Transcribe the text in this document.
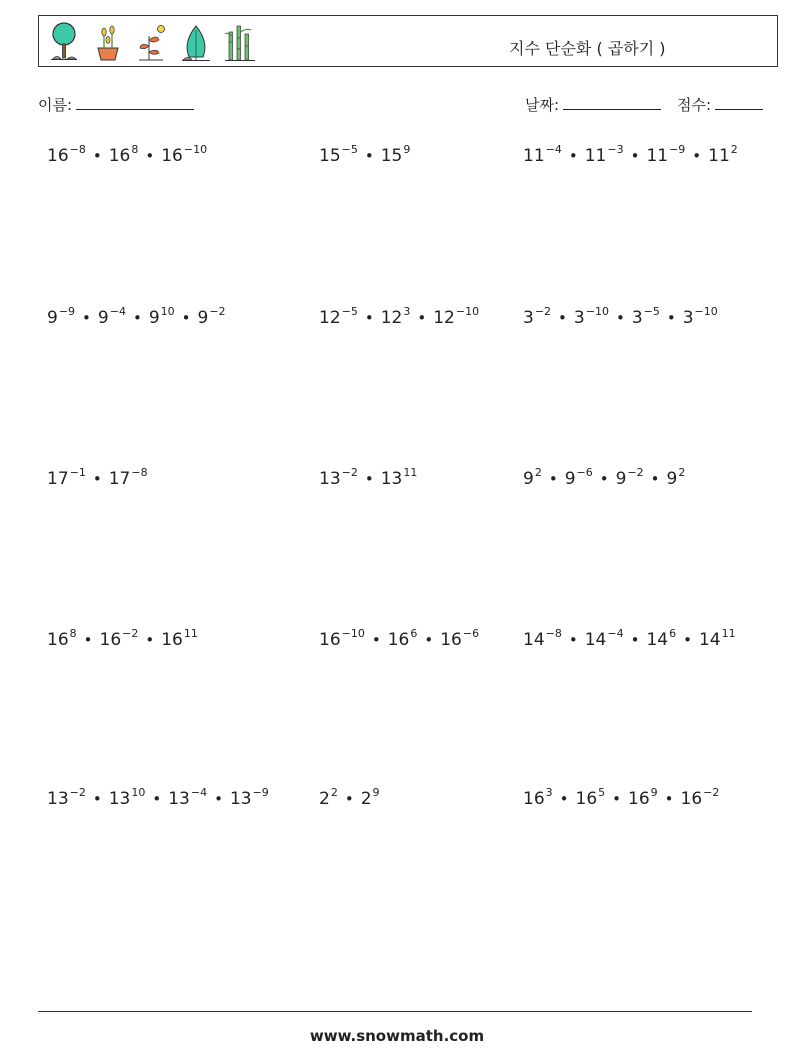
지수 단순화 ( 곱하기 )
이름:	날짜:	점수:
$16^{-8}$ • $16^8$ • $16^{-10}$	$15^{-5}$ • $15^9$	$11^{-4}$ • $11^{-3}$ • $11^{-9}$ • $11^2$
$9^{-9}$ • $9^{-4}$ • $9^{10}$ • $9^{-2}$	$12^{-5}$ • $12^3$ • $12^{-10}$	$3^{-2}$ • $3^{-10}$ • $3^{-5}$ • $3^{-10}$
$17^{-1}$ • $17^{-8}$	$13^{-2}$ • $13^{11}$	$9^2$ • $9^{-6}$ • $9^{-2}$ • $9^2$
$16^8$ • $16^{-2}$ • $16^{11}$	$16^{-10}$ • $16^6$ • $16^{-6}$	$14^{-8}$ • $14^{-4}$ • $14^6$ • $14^{11}$
$13^{-2}$ • $13^{10}$ • $13^{-4}$ • $13^{-9}$	$2^2$ • $2^9$	$16^3$ • $16^5$ • $16^9$ • $16^{-2}$
www.snowmath.com
